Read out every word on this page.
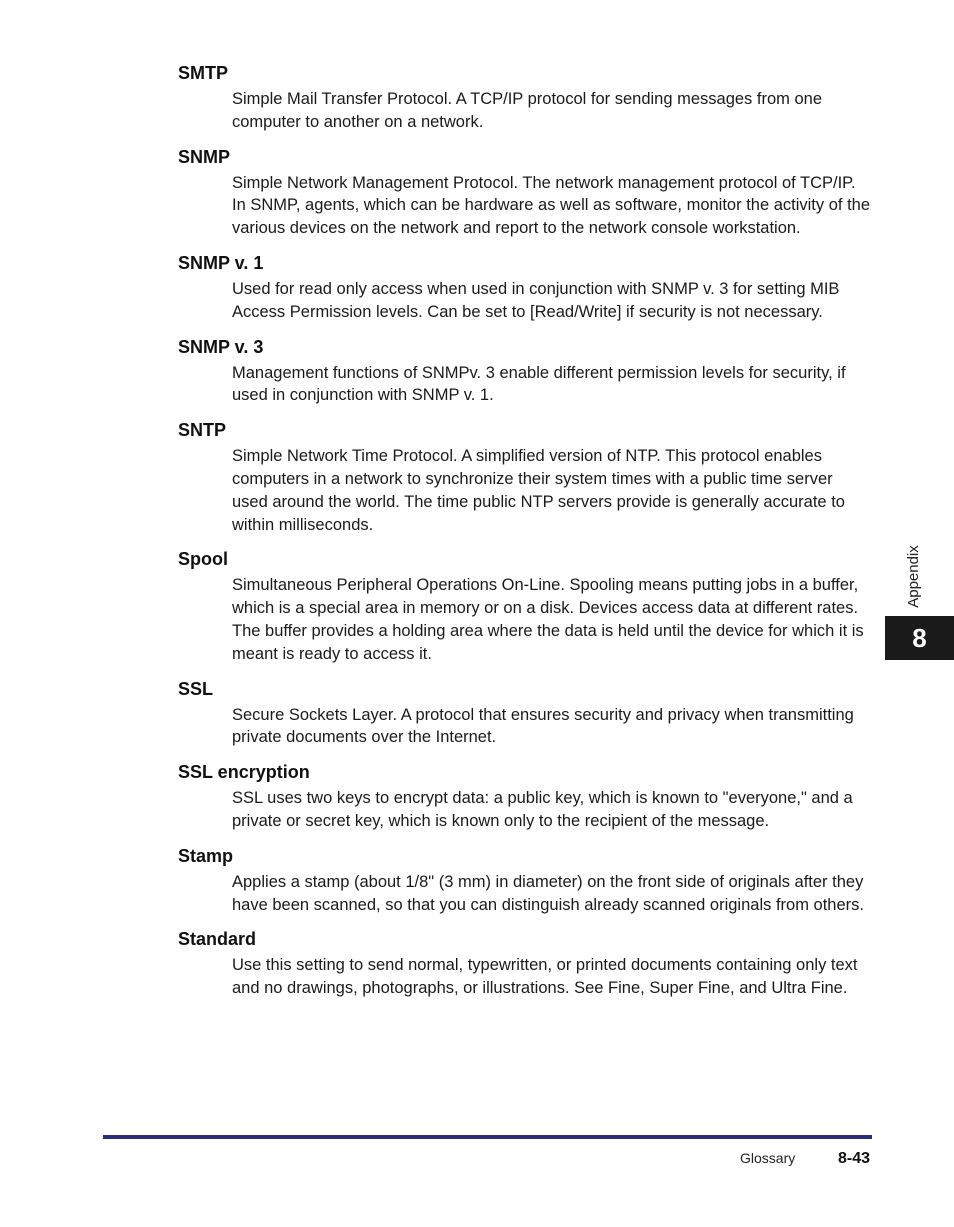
SMTP

Simple Mail Transfer Protocol. A TCP/IP protocol for sending messages from one computer to another on a network.

SNMP

Simple Network Management Protocol. The network management protocol of TCP/IP. In SNMP, agents, which can be hardware as well as software, monitor the activity of the various devices on the network and report to the network console workstation.

SNMP v. 1

Used for read only access when used in conjunction with SNMP v. 3 for setting MIB Access Permission levels. Can be set to [Read/Write] if security is not necessary.

SNMP v. 3

Management functions of SNMPv. 3 enable different permission levels for security, if used in conjunction with SNMP v. 1.

SNTP

Simple Network Time Protocol. A simplified version of NTP. This protocol enables computers in a network to synchronize their system times with a public time server used around the world. The time public NTP servers provide is generally accurate to within milliseconds.

Spool

Simultaneous Peripheral Operations On-Line. Spooling means putting jobs in a buffer, which is a special area in memory or on a disk. Devices access data at different rates. The buffer provides a holding area where the data is held until the device for which it is meant is ready to access it.

SSL

Secure Sockets Layer. A protocol that ensures security and privacy when transmitting private documents over the Internet.

SSL encryption

SSL uses two keys to encrypt data: a public key, which is known to "everyone," and a private or secret key, which is known only to the recipient of the message.

Stamp

Applies a stamp (about 1/8" (3 mm) in diameter) on the front side of originals after they have been scanned, so that you can distinguish already scanned originals from others.

Standard

Use this setting to send normal, typewritten, or printed documents containing only text and no drawings, photographs, or illustrations. See Fine, Super Fine, and Ultra Fine.

Appendix
8
Glossary	8-43
